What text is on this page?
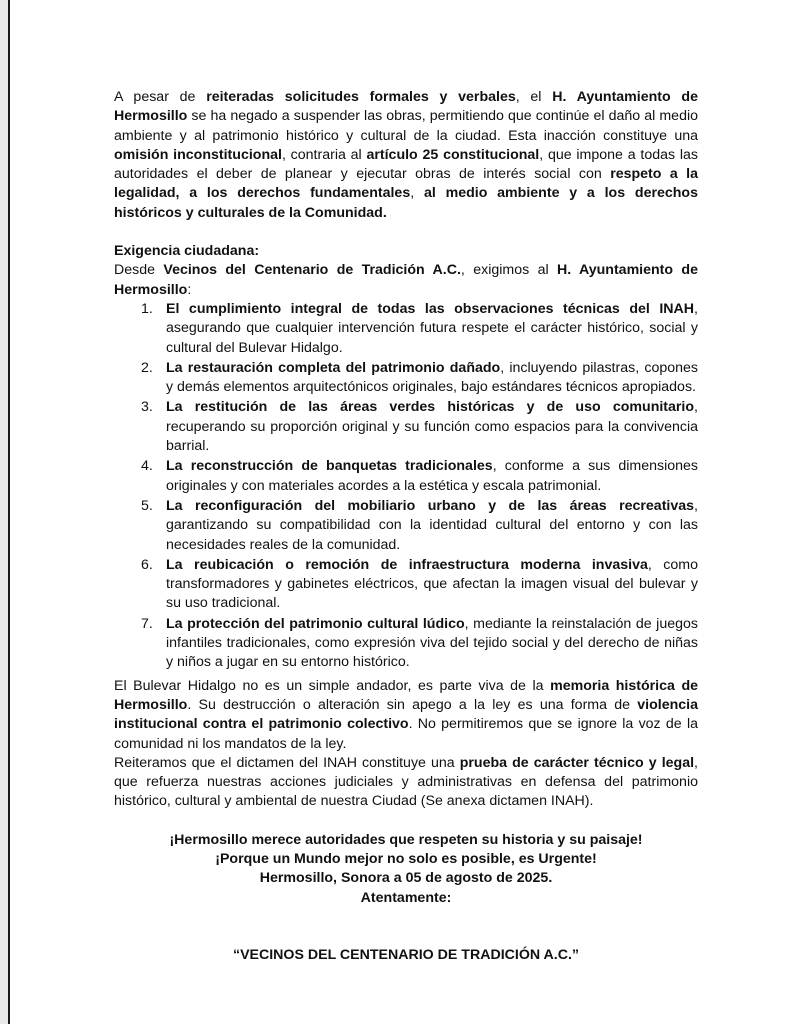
A pesar de reiteradas solicitudes formales y verbales, el H. Ayuntamiento de Hermosillo se ha negado a suspender las obras, permitiendo que continúe el daño al medio ambiente y al patrimonio histórico y cultural de la ciudad. Esta inacción constituye una omisión inconstitucional, contraria al artículo 25 constitucional, que impone a todas las autoridades el deber de planear y ejecutar obras de interés social con respeto a la legalidad, a los derechos fundamentales, al medio ambiente y a los derechos históricos y culturales de la Comunidad.

Exigencia ciudadana:

Desde Vecinos del Centenario de Tradición A.C., exigimos al H. Ayuntamiento de Hermosillo:

1. El cumplimiento integral de todas las observaciones técnicas del INAH, asegurando que cualquier intervención futura respete el carácter histórico, social y cultural del Bulevar Hidalgo.
2. La restauración completa del patrimonio dañado, incluyendo pilastras, copones y demás elementos arquitectónicos originales, bajo estándares técnicos apropiados.
3. La restitución de las áreas verdes históricas y de uso comunitario, recuperando su proporción original y su función como espacios para la convivencia barrial.
4. La reconstrucción de banquetas tradicionales, conforme a sus dimensiones originales y con materiales acordes a la estética y escala patrimonial.
5. La reconfiguración del mobiliario urbano y de las áreas recreativas, garantizando su compatibilidad con la identidad cultural del entorno y con las necesidades reales de la comunidad.
6. La reubicación o remoción de infraestructura moderna invasiva, como transformadores y gabinetes eléctricos, que afectan la imagen visual del bulevar y su uso tradicional.
7. La protección del patrimonio cultural lúdico, mediante la reinstalación de juegos infantiles tradicionales, como expresión viva del tejido social y del derecho de niñas y niños a jugar en su entorno histórico.

El Bulevar Hidalgo no es un simple andador, es parte viva de la memoria histórica de Hermosillo. Su destrucción o alteración sin apego a la ley es una forma de violencia institucional contra el patrimonio colectivo. No permitiremos que se ignore la voz de la comunidad ni los mandatos de la ley.

Reiteramos que el dictamen del INAH constituye una prueba de carácter técnico y legal, que refuerza nuestras acciones judiciales y administrativas en defensa del patrimonio histórico, cultural y ambiental de nuestra Ciudad (Se anexa dictamen INAH).

¡Hermosillo merece autoridades que respeten su historia y su paisaje!

¡Porque un Mundo mejor no solo es posible, es Urgente!

Hermosillo, Sonora a 05 de agosto de 2025.

Atentamente:

“VECINOS DEL CENTENARIO DE TRADICIÓN A.C.”
